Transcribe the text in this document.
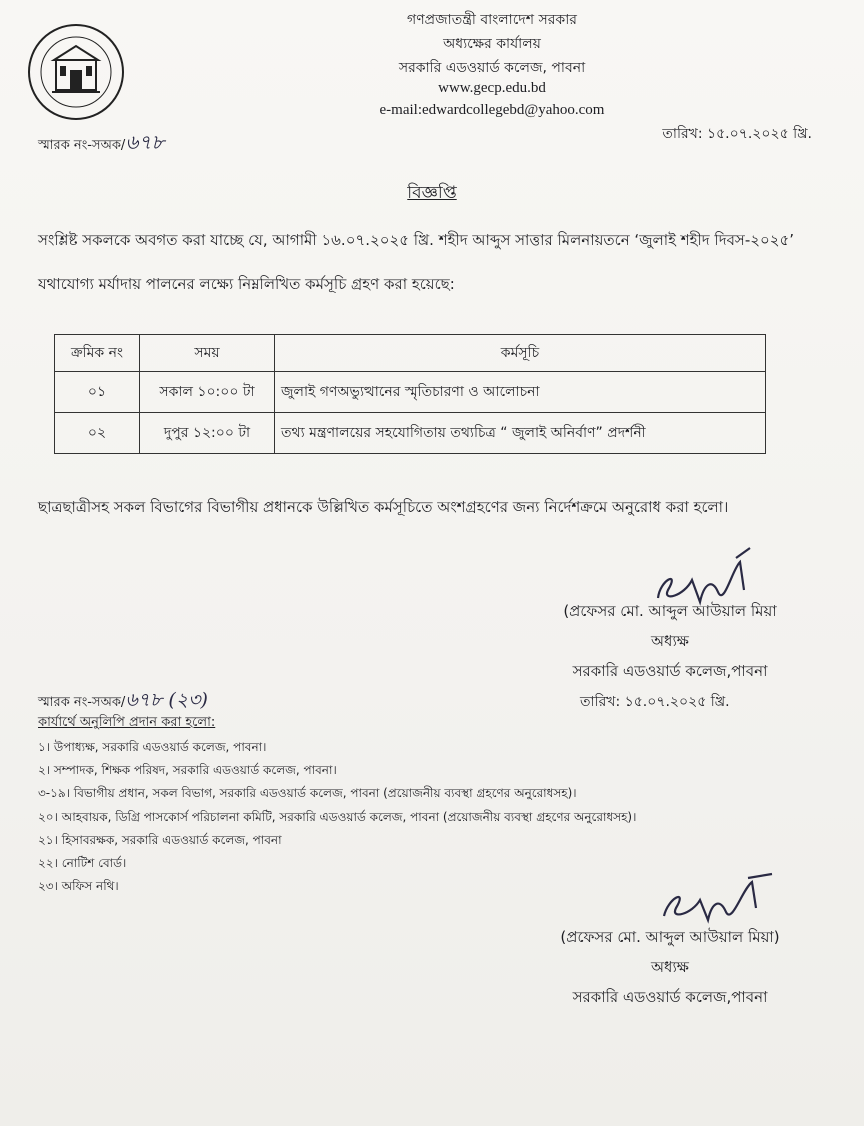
গণপ্রজাতন্ত্রী বাংলাদেশ সরকার
অধ্যক্ষের কার্যালয়
সরকারি এডওয়ার্ড কলেজ, পাবনা
www.gecp.edu.bd
e-mail:edwardcollegebd@yahoo.com
স্মারক নং-সঅক/৬৭৮	তারিখ: ১৫.০৭.২০২৫ খ্রি.
বিজ্ঞপ্তি
সংশ্লিষ্ট সকলকে অবগত করা যাচ্ছে যে, আগামী ১৬.০৭.২০২৫ খ্রি. শহীদ আব্দুস সাত্তার মিলনায়তনে ‘জুলাই শহীদ দিবস-২০২৫’ যথাযোগ্য মর্যাদায় পালনের লক্ষ্যে নিম্নলিখিত কর্মসূচি গ্রহণ করা হয়েছে:
ক্রমিক নং	সময়	কর্মসূচি
০১	সকাল ১০:০০ টা	জুলাই গণঅভ্যুত্থানের স্মৃতিচারণা ও আলোচনা
০২	দুপুর ১২:০০ টা	তথ্য মন্ত্রণালয়ের সহযোগিতায় তথ্যচিত্র “ জুলাই অনির্বাণ” প্রদর্শনী
ছাত্রছাত্রীসহ সকল বিভাগের বিভাগীয় প্রধানকে উল্লিখিত কর্মসূচিতে অংশগ্রহণের জন্য নির্দেশক্রমে অনুরোধ করা হলো।
(প্রফেসর মো. আব্দুল আউয়াল মিয়া
অধ্যক্ষ
সরকারি এডওয়ার্ড কলেজ,পাবনা
স্মারক নং-সঅক/৬৭৮ (২৩)	তারিখ: ১৫.০৭.২০২৫ খ্রি.
কার্যার্থে অনুলিপি প্রদান করা হলো:
১। উপাধ্যক্ষ, সরকারি এডওয়ার্ড কলেজ, পাবনা।
২। সম্পাদক, শিক্ষক পরিষদ, সরকারি এডওয়ার্ড কলেজ, পাবনা।
৩-১৯। বিভাগীয় প্রধান, সকল বিভাগ, সরকারি এডওয়ার্ড কলেজ, পাবনা (প্রয়োজনীয় ব্যবস্থা গ্রহণের অনুরোধসহ)।
২০। আহবায়ক, ডিগ্রি পাসকোর্স পরিচালনা কমিটি, সরকারি এডওয়ার্ড কলেজ, পাবনা (প্রয়োজনীয় ব্যবস্থা গ্রহণের অনুরোধসহ)।
২১। হিসাবরক্ষক, সরকারি এডওয়ার্ড কলেজ, পাবনা
২২। নোটিশ বোর্ড।
২৩। অফিস নথি।
(প্রফেসর মো. আব্দুল আউয়াল মিয়া)
অধ্যক্ষ
সরকারি এডওয়ার্ড কলেজ,পাবনা
